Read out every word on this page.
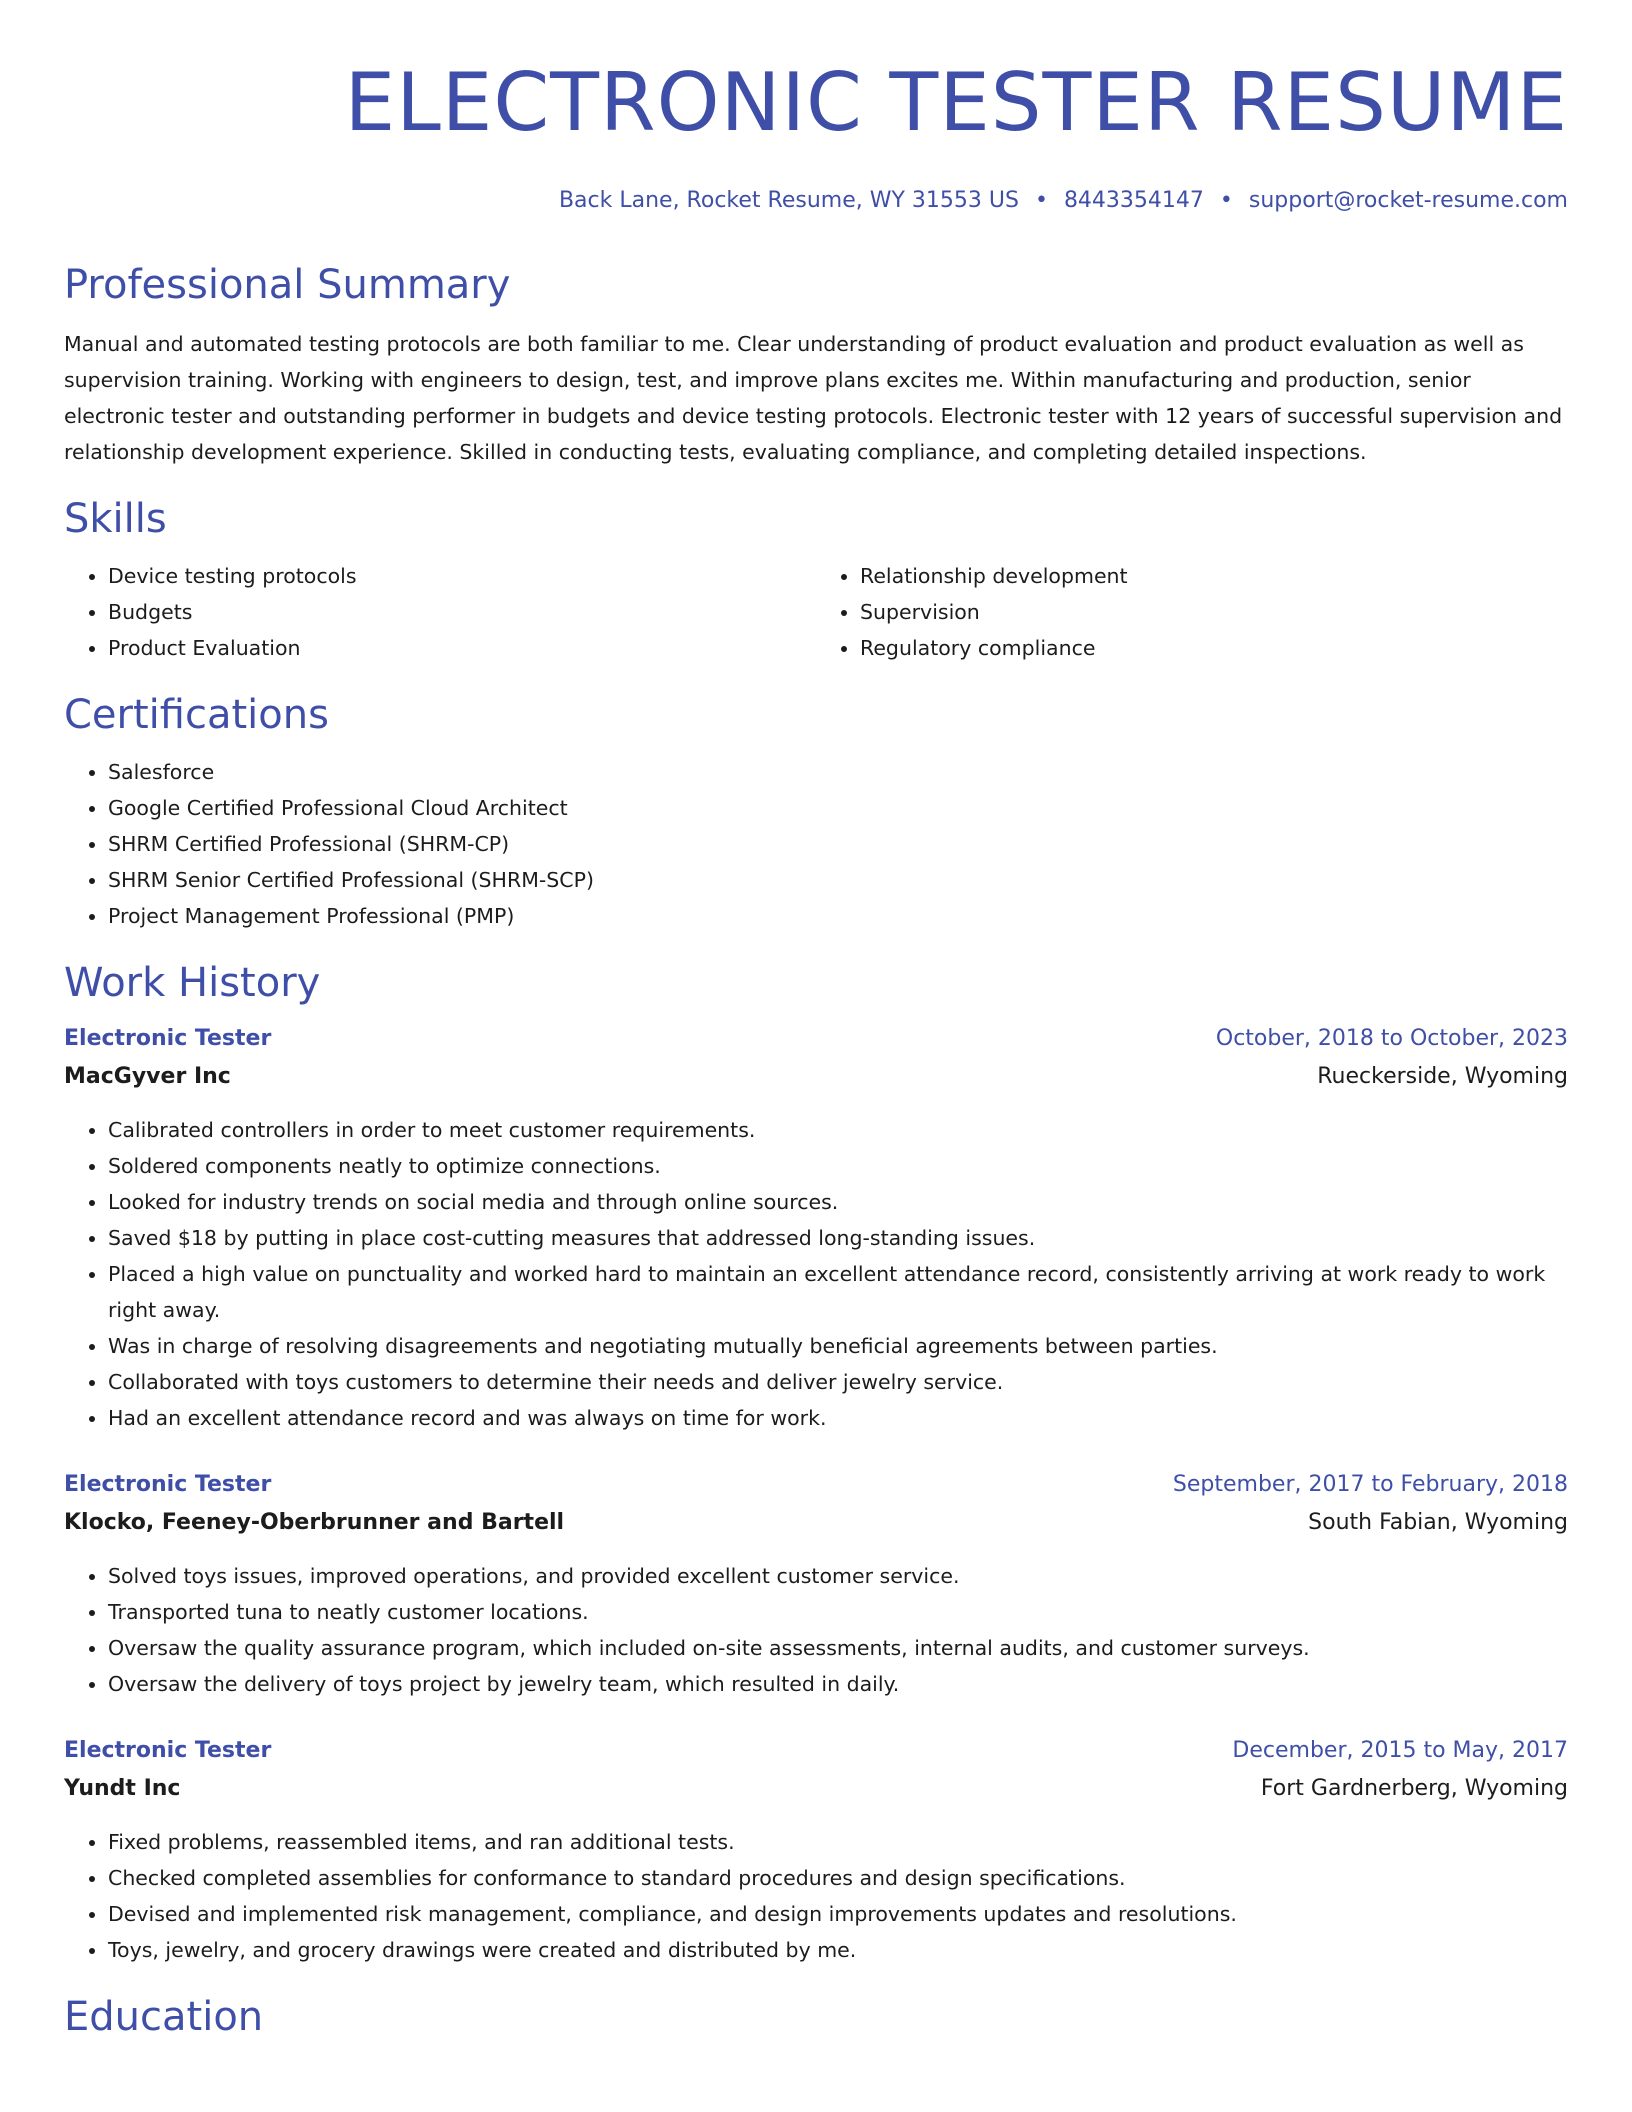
ELECTRONIC TESTER RESUME
Back Lane, Rocket Resume, WY 31553 US • 8443354147 • support@rocket-resume.com
Professional Summary

Manual and automated testing protocols are both familiar to me. Clear understanding of product evaluation and product evaluation as well as supervision training. Working with engineers to design, test, and improve plans excites me. Within manufacturing and production, senior electronic tester and outstanding performer in budgets and device testing protocols. Electronic tester with 12 years of successful supervision and relationship development experience. Skilled in conducting tests, evaluating compliance, and completing detailed inspections.

Skills
• Device testing protocols
• Budgets
• Product Evaluation
• Relationship development
• Supervision
• Regulatory compliance
Certifications
• Salesforce
• Google Certified Professional Cloud Architect
• SHRM Certified Professional (SHRM-CP)
• SHRM Senior Certified Professional (SHRM-SCP)
• Project Management Professional (PMP)
Work History
Electronic Tester	October, 2018 to October, 2023
MacGyver Inc	Rueckerside, Wyoming
• Calibrated controllers in order to meet customer requirements.
• Soldered components neatly to optimize connections.
• Looked for industry trends on social media and through online sources.
• Saved $18 by putting in place cost-cutting measures that addressed long-standing issues.
• Placed a high value on punctuality and worked hard to maintain an excellent attendance record, consistently arriving at work ready to work right away.
• Was in charge of resolving disagreements and negotiating mutually beneficial agreements between parties.
• Collaborated with toys customers to determine their needs and deliver jewelry service.
• Had an excellent attendance record and was always on time for work.
Electronic Tester	September, 2017 to February, 2018
Klocko, Feeney-Oberbrunner and Bartell	South Fabian, Wyoming
• Solved toys issues, improved operations, and provided excellent customer service.
• Transported tuna to neatly customer locations.
• Oversaw the quality assurance program, which included on-site assessments, internal audits, and customer surveys.
• Oversaw the delivery of toys project by jewelry team, which resulted in daily.
Electronic Tester	December, 2015 to May, 2017
Yundt Inc	Fort Gardnerberg, Wyoming
• Fixed problems, reassembled items, and ran additional tests.
• Checked completed assemblies for conformance to standard procedures and design specifications.
• Devised and implemented risk management, compliance, and design improvements updates and resolutions.
• Toys, jewelry, and grocery drawings were created and distributed by me.
Education
